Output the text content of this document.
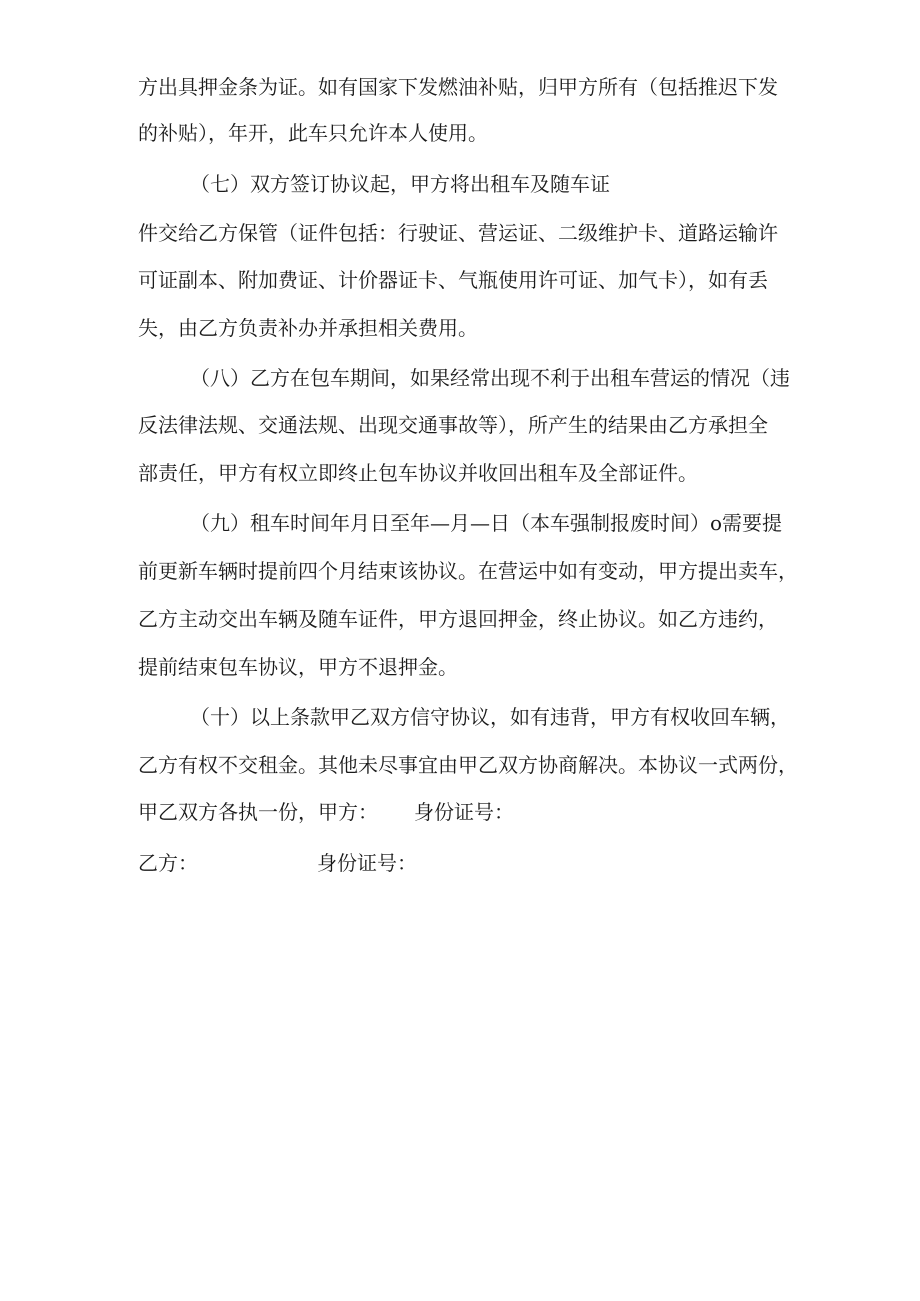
方出具押金条为证。如有国家下发燃油补贴，归甲方所有（包括推迟下发
的补贴），年开，此车只允许本人使用。
（七）双方签订协议起，甲方将出租车及随车证
件交给乙方保管（证件包括：行驶证、营运证、二级维护卡、道路运输许
可证副本、附加费证、计价器证卡、气瓶使用许可证、加气卡），如有丢
失，由乙方负责补办并承担相关费用。
（八）乙方在包车期间，如果经常出现不利于出租车营运的情况（违
反法律法规、交通法规、出现交通事故等），所产生的结果由乙方承担全
部责任，甲方有权立即终止包车协议并收回出租车及全部证件。
（九）租车时间年月日至年—月—日（本车强制报废时间）o需要提
前更新车辆时提前四个月结束该协议。在营运中如有变动，甲方提出卖车，
乙方主动交出车辆及随车证件，甲方退回押金，终止协议。如乙方违约，
提前结束包车协议，甲方不退押金。
（十）以上条款甲乙双方信守协议，如有违背，甲方有权收回车辆，
乙方有权不交租金。其他未尽事宜由甲乙双方协商解决。本协议一式两份，
甲乙双方各执一份，甲方： 身份证号：
乙方：	身份证号：
